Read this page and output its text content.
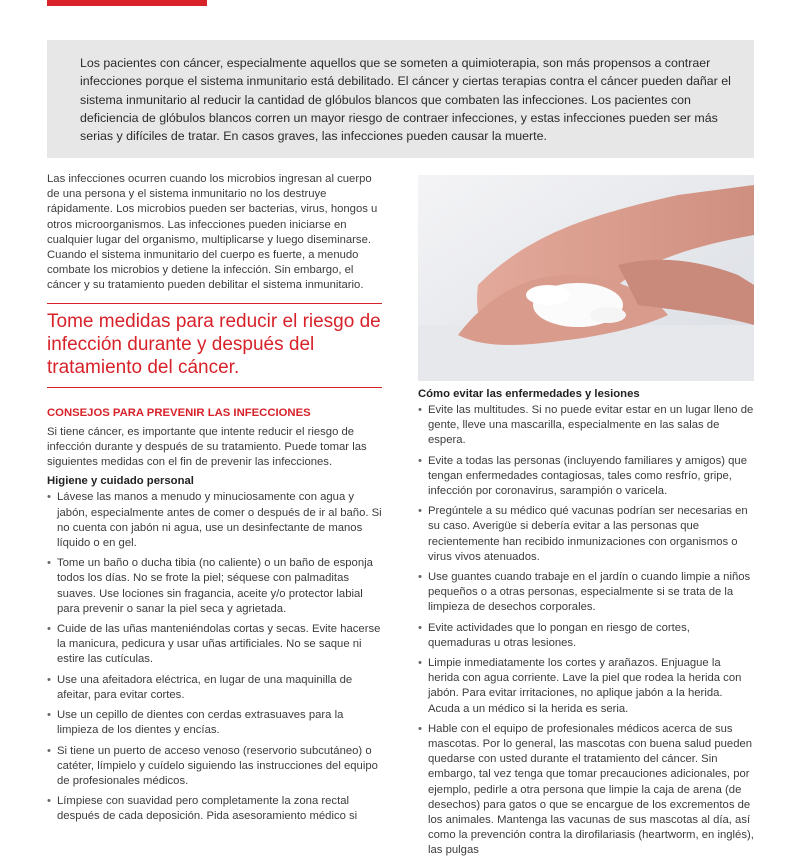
Los pacientes con cáncer, especialmente aquellos que se someten a quimioterapia, son más propensos a contraer infecciones porque el sistema inmunitario está debilitado. El cáncer y ciertas terapias contra el cáncer pueden dañar el sistema inmunitario al reducir la cantidad de glóbulos blancos que combaten las infecciones. Los pacientes con deficiencia de glóbulos blancos corren un mayor riesgo de contraer infecciones, y estas infecciones pueden ser más serias y difíciles de tratar. En casos graves, las infecciones pueden causar la muerte.

Las infecciones ocurren cuando los microbios ingresan al cuerpo de una persona y el sistema inmunitario no los destruye rápidamente. Los microbios pueden ser bacterias, virus, hongos u otros microorganismos. Las infecciones pueden iniciarse en cualquier lugar del organismo, multiplicarse y luego diseminarse. Cuando el sistema inmunitario del cuerpo es fuerte, a menudo combate los microbios y detiene la infección. Sin embargo, el cáncer y su tratamiento pueden debilitar el sistema inmunitario.

Tome medidas para reducir el riesgo de infección durante y después del tratamiento del cáncer.

CONSEJOS PARA PREVENIR LAS INFECCIONES

Si tiene cáncer, es importante que intente reducir el riesgo de infección durante y después de su tratamiento. Puede tomar las siguientes medidas con el fin de prevenir las infecciones.

Higiene y cuidado personal
• Lávese las manos a menudo y minuciosamente con agua y jabón, especialmente antes de comer o después de ir al baño. Si no cuenta con jabón ni agua, use un desinfectante de manos líquido o en gel.
• Tome un baño o ducha tibia (no caliente) o un baño de esponja todos los días. No se frote la piel; séquese con palmaditas suaves. Use lociones sin fragancia, aceite y/o protector labial para prevenir o sanar la piel seca y agrietada.
• Cuide de las uñas manteniéndolas cortas y secas. Evite hacerse la manicura, pedicura y usar uñas artificiales. No se saque ni estire las cutículas.
• Use una afeitadora eléctrica, en lugar de una maquinilla de afeitar, para evitar cortes.
• Use un cepillo de dientes con cerdas extrasuaves para la limpieza de los dientes y encías.
• Si tiene un puerto de acceso venoso (reservorio subcutáneo) o catéter, límpielo y cuídelo siguiendo las instrucciones del equipo de profesionales médicos.
• Límpiese con suavidad pero completamente la zona rectal después de cada deposición. Pida asesoramiento médico si
Cómo evitar las enfermedades y lesiones
• Evite las multitudes. Si no puede evitar estar en un lugar lleno de gente, lleve una mascarilla, especialmente en las salas de espera.
• Evite a todas las personas (incluyendo familiares y amigos) que tengan enfermedades contagiosas, tales como resfrío, gripe, infección por coronavirus, sarampión o varicela.
• Pregúntele a su médico qué vacunas podrían ser necesarias en su caso. Averigüe si debería evitar a las personas que recientemente han recibido inmunizaciones con organismos o virus vivos atenuados.
• Use guantes cuando trabaje en el jardín o cuando limpie a niños pequeños o a otras personas, especialmente si se trata de la limpieza de desechos corporales.
• Evite actividades que lo pongan en riesgo de cortes, quemaduras u otras lesiones.
• Limpie inmediatamente los cortes y arañazos. Enjuague la herida con agua corriente. Lave la piel que rodea la herida con jabón. Para evitar irritaciones, no aplique jabón a la herida. Acuda a un médico si la herida es seria.
• Hable con el equipo de profesionales médicos acerca de sus mascotas. Por lo general, las mascotas con buena salud pueden quedarse con usted durante el tratamiento del cáncer. Sin embargo, tal vez tenga que tomar precauciones adicionales, por ejemplo, pedirle a otra persona que limpie la caja de arena (de desechos) para gatos o que se encargue de los excrementos de los animales. Mantenga las vacunas de sus mascotas al día, así como la prevención contra la dirofilariasis (heartworm, en inglés), las pulgas
